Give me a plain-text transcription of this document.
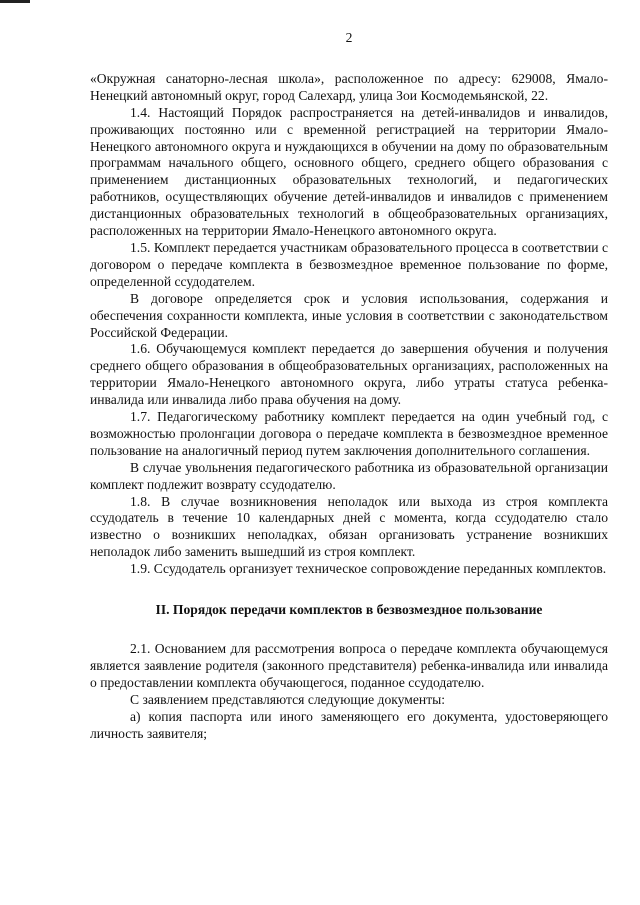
2

«Окружная санаторно-лесная школа», расположенное по адресу: 629008, Ямало-Ненецкий автономный округ, город Салехард, улица Зои Космодемьянской, 22.

1.4. Настоящий Порядок распространяется на детей-инвалидов и инвалидов, проживающих постоянно или с временной регистрацией на территории Ямало-Ненецкого автономного округа и нуждающихся в обучении на дому по образовательным программам начального общего, основного общего, среднего общего образования с применением дистанционных образовательных технологий, и педагогических работников, осуществляющих обучение детей-инвалидов и инвалидов с применением дистанционных образовательных технологий в общеобразовательных организациях, расположенных на территории Ямало-Ненецкого автономного округа.

1.5. Комплект передается участникам образовательного процесса в соответствии с договором о передаче комплекта в безвозмездное временное пользование по форме, определенной ссудодателем.

В договоре определяется срок и условия использования, содержания и обеспечения сохранности комплекта, иные условия в соответствии с законодательством Российской Федерации.

1.6. Обучающемуся комплект передается до завершения обучения и получения среднего общего образования в общеобразовательных организациях, расположенных на территории Ямало-Ненецкого автономного округа, либо утраты статуса ребенка-инвалида или инвалида либо права обучения на дому.

1.7. Педагогическому работнику комплект передается на один учебный год, с возможностью пролонгации договора о передаче комплекта в безвозмездное временное пользование на аналогичный период путем заключения дополнительного соглашения.

В случае увольнения педагогического работника из образовательной организации комплект подлежит возврату ссудодателю.

1.8. В случае возникновения неполадок или выхода из строя комплекта ссудодатель в течение 10 календарных дней с момента, когда ссудодателю стало известно о возникших неполадках, обязан организовать устранение возникших неполадок либо заменить вышедший из строя комплект.

1.9. Ссудодатель организует техническое сопровождение переданных комплектов.

II. Порядок передачи комплектов в безвозмездное пользование

2.1. Основанием для рассмотрения вопроса о передаче комплекта обучающемуся является заявление родителя (законного представителя) ребенка-инвалида или инвалида о предоставлении комплекта обучающегося, поданное ссудодателю.

С заявлением представляются следующие документы:

а) копия паспорта или иного заменяющего его документа, удостоверяющего личность заявителя;
